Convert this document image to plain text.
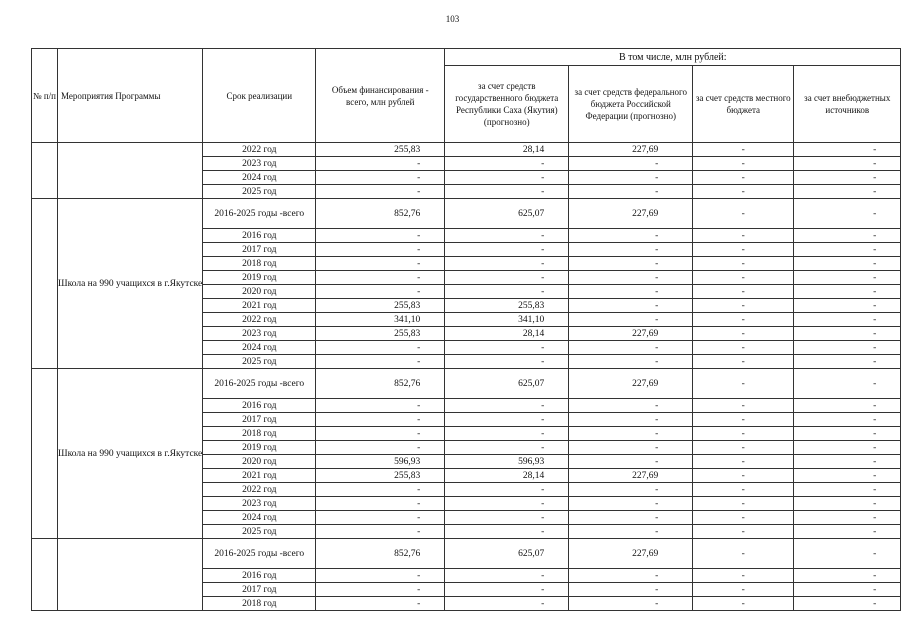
103
№ п/п	Мероприятия Программы	Срок реализации	Объем финансирования - всего, млн рублей	В том числе, млн рублей:			
				за счет средств государственного бюджета Республики Саха (Якутия) (прогнозно)	за счет средств федерального бюджета Российской Федерации (прогнозно)	за счет средств местного бюджета	за счет внебюджетных источников
		2022 год	255,83	28,14	227,69	-	-
		2023 год	-	-	-	-	-
		2024 год	-	-	-	-	-
		2025 год	-	-	-	-	-
	Школа на 990 учащихся в г.Якутске	2016-2025 годы -всего	852,76	625,07	227,69	-	-
		2016 год	-	-	-	-	-
		2017 год	-	-	-	-	-
		2018 год	-	-	-	-	-
		2019 год	-	-	-	-	-
		2020 год	-	-	-	-	-
		2021 год	255,83	255,83	-	-	-
		2022 год	341,10	341,10	-	-	-
		2023 год	255,83	28,14	227,69	-	-
		2024 год	-	-	-	-	-
		2025 год	-	-	-	-	-
	Школа на 990 учащихся в г.Якутске	2016-2025 годы -всего	852,76	625,07	227,69	-	-
		2016 год	-	-	-	-	-
		2017 год	-	-	-	-	-
		2018 год	-	-	-	-	-
		2019 год	-	-	-	-	-
		2020 год	596,93	596,93	-	-	-
		2021 год	255,83	28,14	227,69	-	-
		2022 год	-	-	-	-	-
		2023 год	-	-	-	-	-
		2024 год	-	-	-	-	-
		2025 год	-	-	-	-	-
		2016-2025 годы -всего	852,76	625,07	227,69	-	-
		2016 год	-	-	-	-	-
		2017 год	-	-	-	-	-
		2018 год	-	-	-	-	-
